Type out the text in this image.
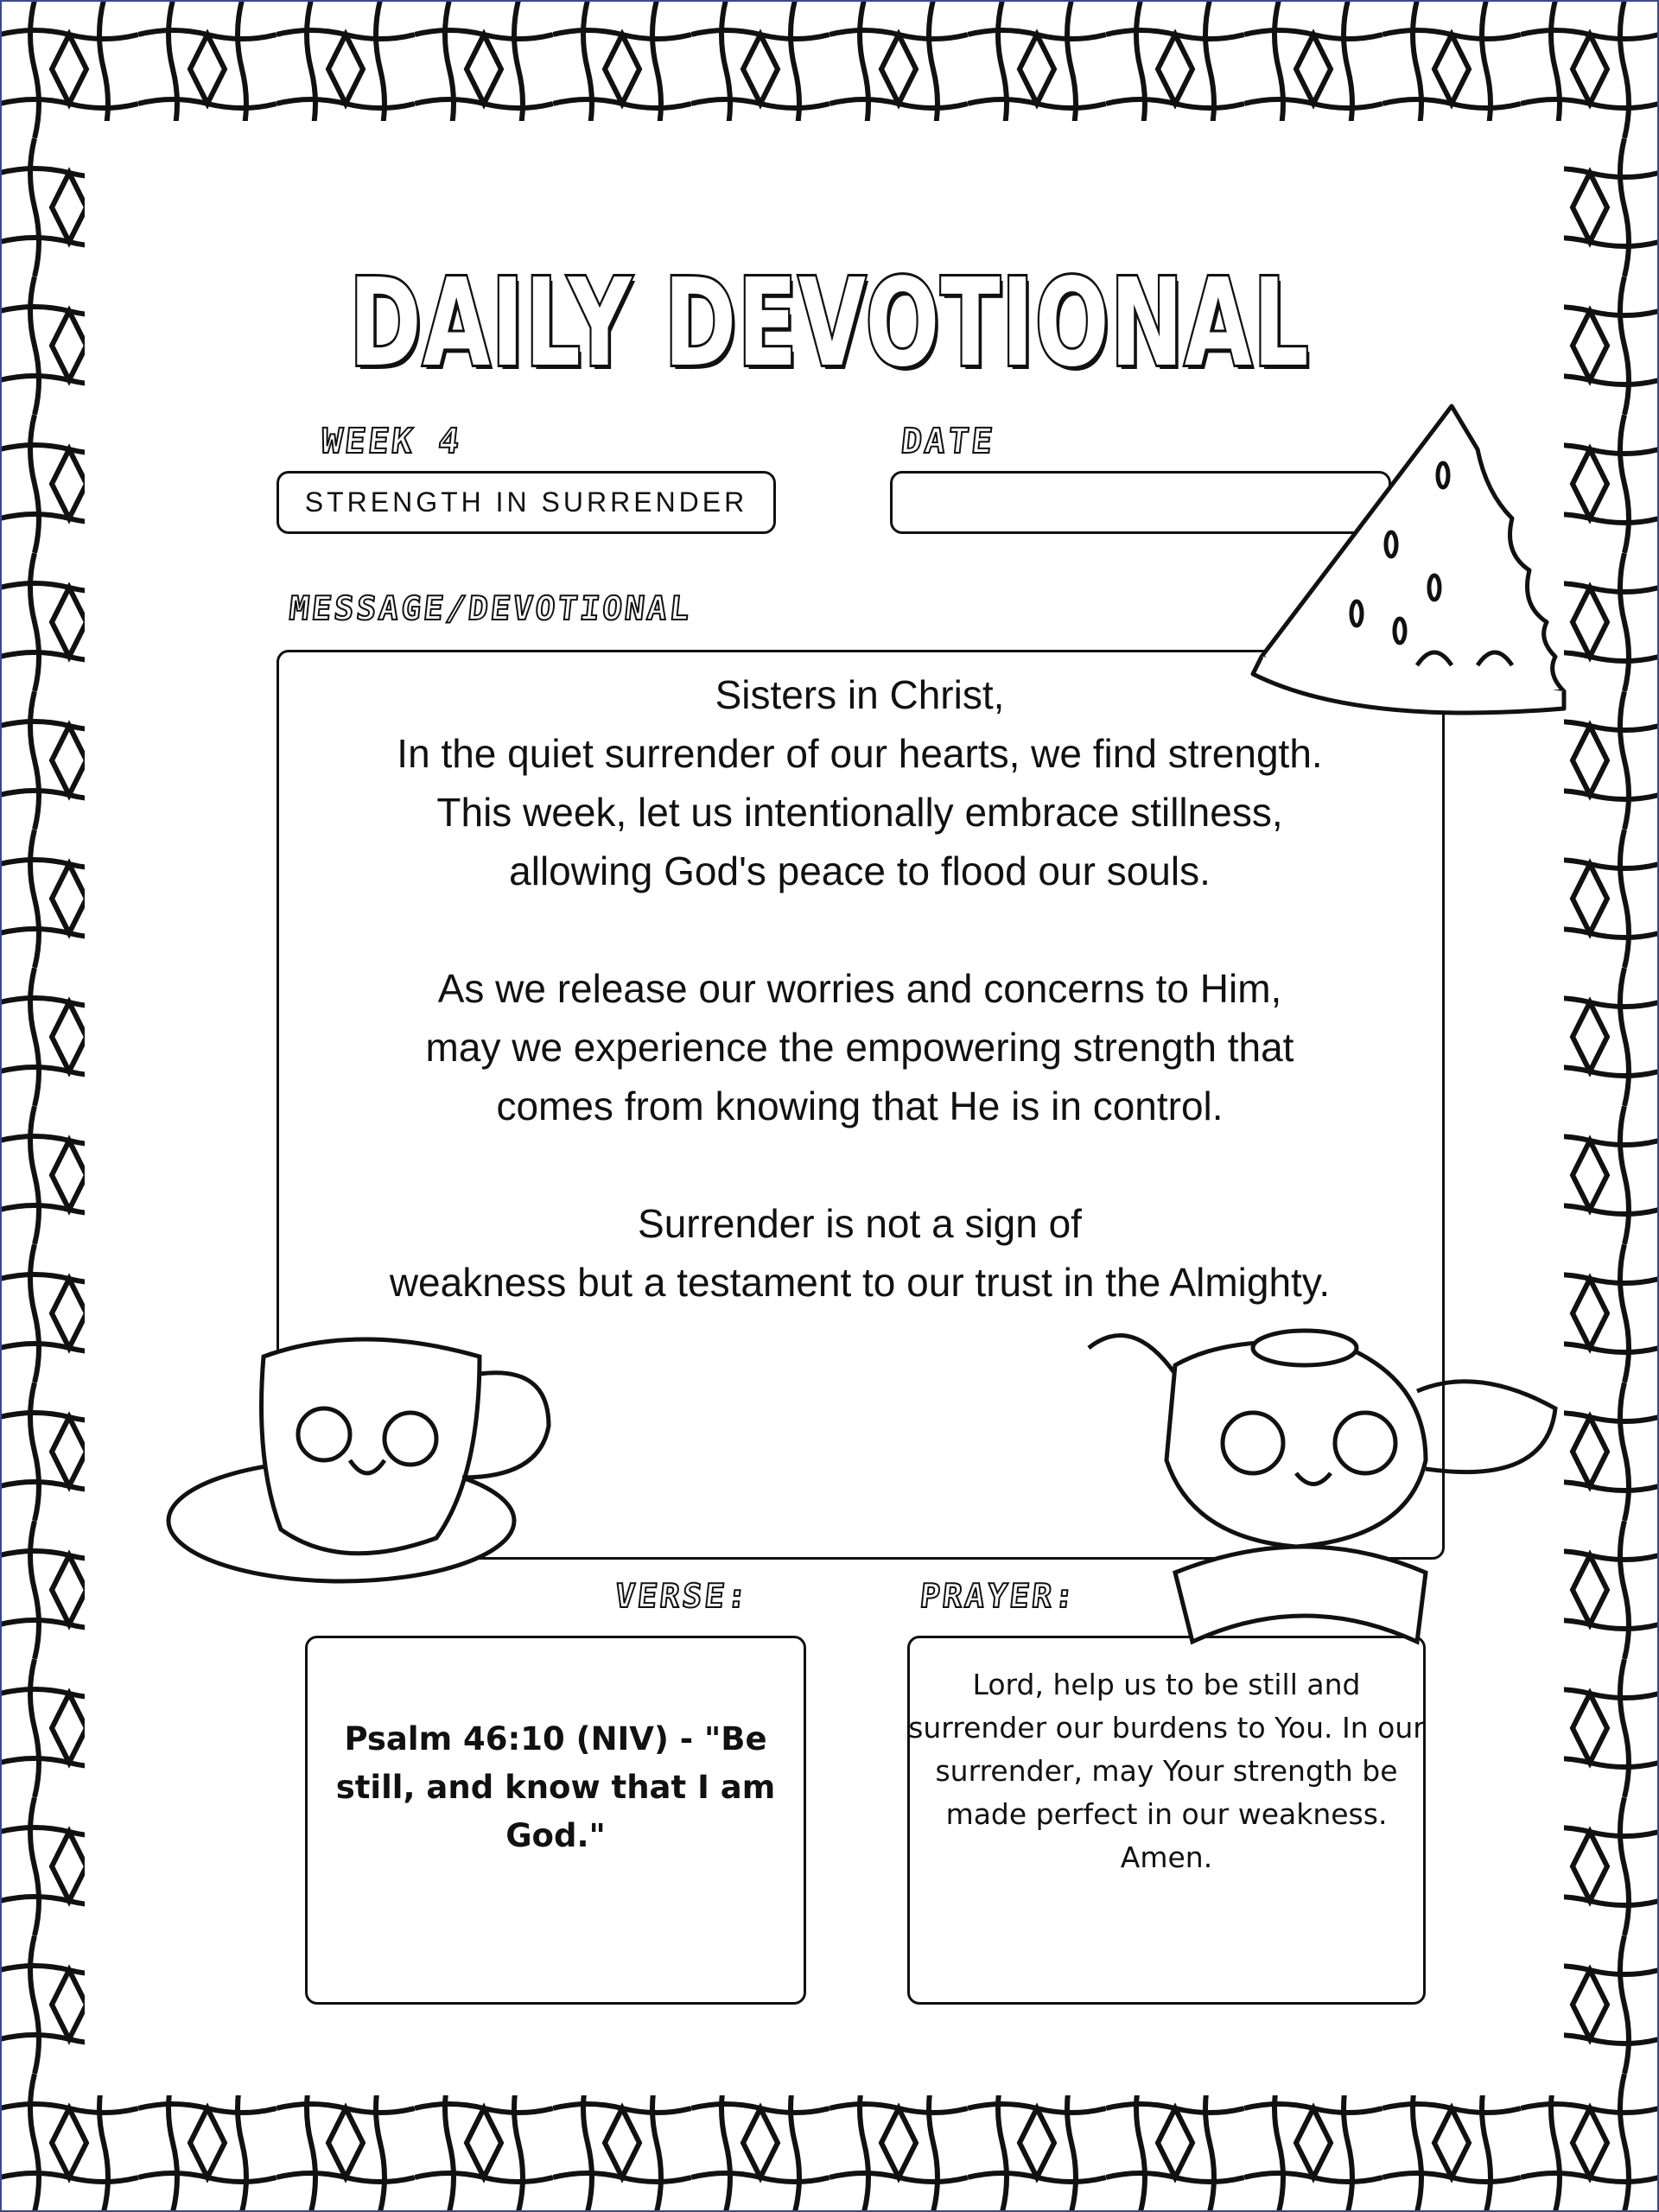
DAILY DEVOTIONAL
WEEK 4
STRENGTH IN SURRENDER
DATE
MESSAGE/DEVOTIONAL
Sisters in Christ,
In the quiet surrender of our hearts, we find strength.
This week, let us intentionally embrace stillness,
allowing God's peace to flood our souls.
As we release our worries and concerns to Him,
may we experience the empowering strength that
comes from knowing that He is in control.
Surrender is not a sign of
weakness but a testament to our trust in the Almighty.
VERSE:	PRAYER:
Psalm 46:10 (NIV) - "Be still, and know that I am God."
Lord, help us to be still and surrender our burdens to You. In our surrender, may Your strength be made perfect in our weakness. Amen.
